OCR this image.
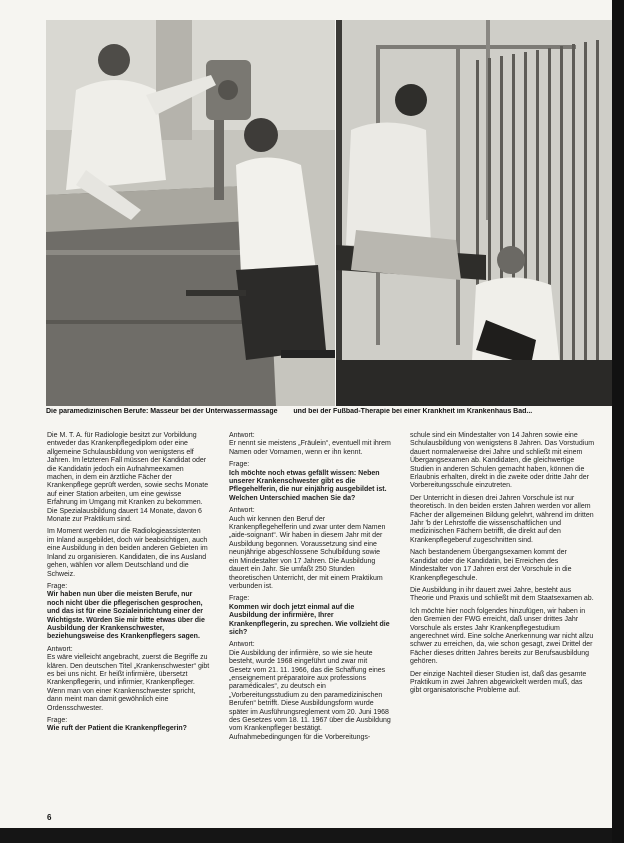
Die paramedizinischen Berufe: Masseur bei der Unterwassermassage und bei der Fußbad-Therapie bei einer Krankheit im Krankenhaus Bad...

Die M. T. A. für Radiologie besitzt zur Vorbildung entweder das Krankenpflegediplom oder eine allgemeine Schulausbildung von wenigstens elf Jahren. Im letzteren Fall müssen der Kandidat oder die Kandidatin jedoch ein Aufnahmeexamen machen, in dem ein ärztliche Fächer der Krankenpflege geprüft werden, sowie sechs Monate auf einer Station arbeiten, um eine gewisse Erfahrung im Umgang mit Kranken zu bekommen. Die Spezialausbildung dauert 14 Monate, davon 6 Monate zur Praktikum sind.

Im Moment werden nur die Radiologieassistenten im Inland ausgebildet, doch wir beabsichtigen, auch eine Ausbildung in den beiden anderen Gebieten im Inland zu organisieren. Kandidaten, die ins Ausland gehen, wählen vor allem Deutschland und die Schweiz.

Frage:
Wir haben nun über die meisten Berufe, nur noch nicht über die pflegerischen gesprochen, und das ist für eine Sozialeinrichtung einer der Wichtigste. Würden Sie mir bitte etwas über die Ausbildung der Krankenschwester, beziehungsweise des Krankenpflegers sagen.

Antwort:
Es wäre vielleicht angebracht, zuerst die Begriffe zu klären. Den deutschen Titel „Krankenschwester“ gibt es bei uns nicht. Er heißt infirmière, übersetzt Krankenpflegerin, und infirmier, Krankenpfleger. Wenn man von einer Krankenschwester spricht, dann meint man damit gewöhnlich eine Ordensschwester.

Frage:
Wie ruft der Patient die Krankenpflegerin?

Antwort:
Er nennt sie meistens „Fräulein“, eventuell mit ihrem Namen oder Vornamen, wenn er ihn kennt.

Frage:
Ich möchte noch etwas gefällt wissen: Neben unserer Krankenschwester gibt es die Pflegehelferin, die nur einjährig ausgebildet ist. Welchen Unterschied machen Sie da?

Antwort:
Auch wir kennen den Beruf der Krankenpflegehelferin und zwar unter dem Namen „aide-soignant“. Wir haben in diesem Jahr mit der Ausbildung begonnen. Voraussetzung sind eine neunjährige abgeschlossene Schulbildung sowie ein Mindestalter von 17 Jahren. Die Ausbildung dauert ein Jahr. Sie umfaßt 250 Stunden theoretischen Unterricht, der mit einem Praktikum verbunden ist.

Frage:
Kommen wir doch jetzt einmal auf die Ausbildung der infirmière, Ihrer Krankenpflegerin, zu sprechen. Wie vollzieht die sich?

Antwort:
Die Ausbildung der infirmière, so wie sie heute besteht, wurde 1968 eingeführt und zwar mit Gesetz vom 21. 11. 1966, das die Schaffung eines „enseignement préparatoire aux professions paramédicales“, zu deutsch ein „Vorbereitungsstudium zu den paramedizinischen Berufen“ betrifft. Diese Ausbildungsform wurde später im Ausführungsreglement vom 20. Juni 1968 des Gesetzes vom 18. 11. 1967 über die Ausbildung vom Krankenpfleger bestätigt. Aufnahmebedingungen für die Vorbereitungs-

schule sind ein Mindestalter von 14 Jahren sowie eine Schulausbildung von wenigstens 8 Jahren. Das Vorstudium dauert normalerweise drei Jahre und schließt mit einem Übergangsexamen ab. Kandidaten, die gleichwertige Studien in anderen Schulen gemacht haben, können die Erlaubnis erhalten, direkt in die zweite oder dritte Jahr der Vorbereitungsschule einzutreten.

Der Unterricht in diesen drei Jahren Vorschule ist nur theoretisch. In den beiden ersten Jahren werden vor allem Fächer der allgemeinen Bildung gelehrt, während im dritten Jahr 'b der Lehrstoffe die wissenschaftlichen und medizinischen Fächern betrifft, die direkt auf den Krankenpflegeberuf zugeschnitten sind.

Nach bestandenem Übergangsexamen kommt der Kandidat oder die Kandidatin, bei Erreichen des Mindestalter von 17 Jahren erst der Vorschule in die Krankenpflegeschule.

Die Ausbildung in ihr dauert zwei Jahre, besteht aus Theorie und Praxis und schließt mit dem Staatsexamen ab.

Ich möchte hier noch folgendes hinzufügen, wir haben in den Gremien der FWG erreicht, daß unser drittes Jahr Vorschule als erstes Jahr Krankenpflegestudium angerechnet wird. Eine solche Anerkennung war nicht allzu schwer zu erreichen, da, wie schon gesagt, zwei Drittel der Fächer dieses dritten Jahres bereits zur Berufsausbildung gehören.

Der einzige Nachteil dieser Studien ist, daß das gesamte Praktikum in zwei Jahren abgewickelt werden muß, das gibt organisatorische Probleme auf.

6
